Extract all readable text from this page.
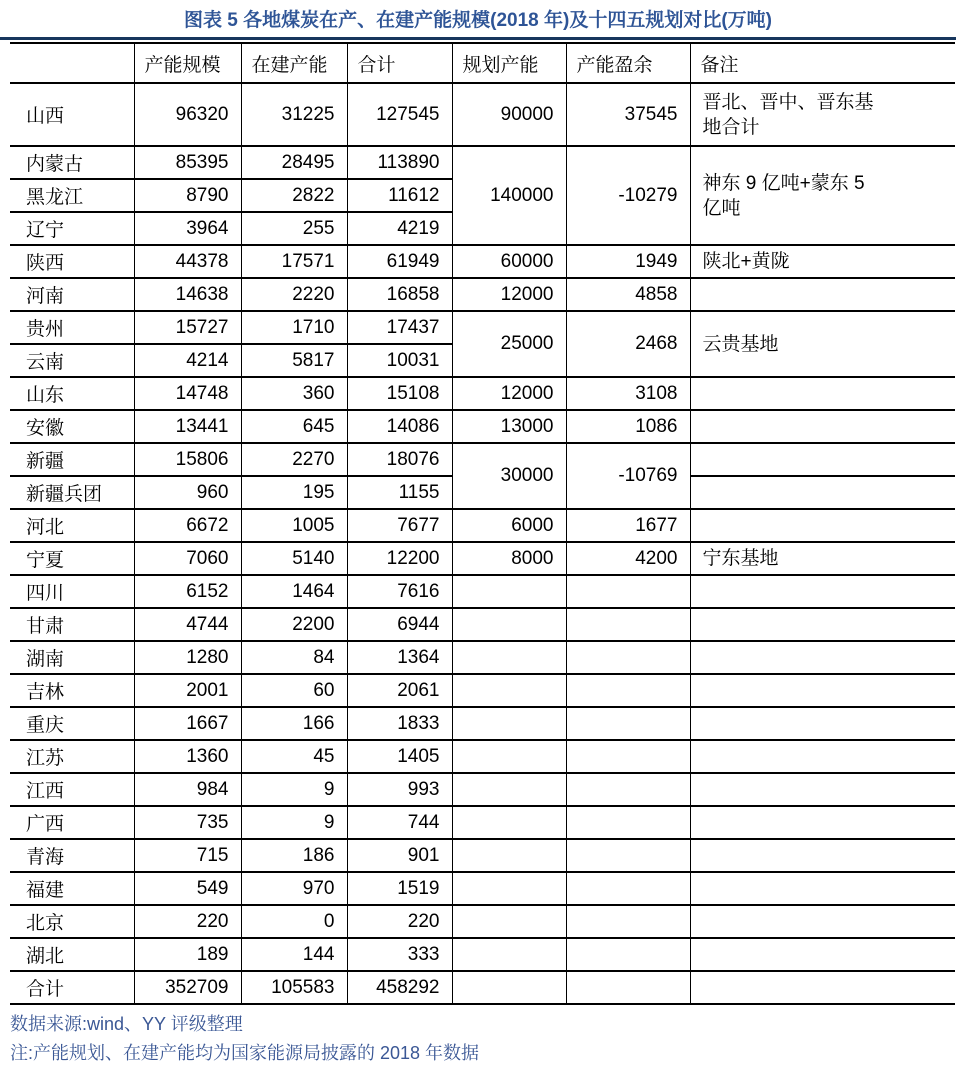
图表 5 各地煤炭在产、在建产能规模(2018 年)及十四五规划对比(万吨)
	产能规模	在建产能	合计	规划产能	产能盈余	备注
山西	96320	31225	127545	90000	37545	晋北、晋中、晋东基地合计
内蒙古	85395	28495	113890	140000	-10279	神东 9 亿吨+蒙东 5 亿吨
黑龙江	8790	2822	11612			
辽宁	3964	255	4219			
陕西	44378	17571	61949	60000	1949	陕北+黄陇
河南	14638	2220	16858	12000	4858	
贵州	15727	1710	17437	25000	2468	云贵基地
云南	4214	5817	10031			
山东	14748	360	15108	12000	3108	
安徽	13441	645	14086	13000	1086	
新疆	15806	2270	18076	30000	-10769	
新疆兵团	960	195	1155			
河北	6672	1005	7677	6000	1677	
宁夏	7060	5140	12200	8000	4200	宁东基地
四川	6152	1464	7616			
甘肃	4744	2200	6944			
湖南	1280	84	1364			
吉林	2001	60	2061			
重庆	1667	166	1833			
江苏	1360	45	1405			
江西	984	9	993			
广西	735	9	744			
青海	715	186	901			
福建	549	970	1519			
北京	220	0	220			
湖北	189	144	333			
合计	352709	105583	458292			
数据来源:wind、YY 评级整理
注:产能规划、在建产能均为国家能源局披露的 2018 年数据
